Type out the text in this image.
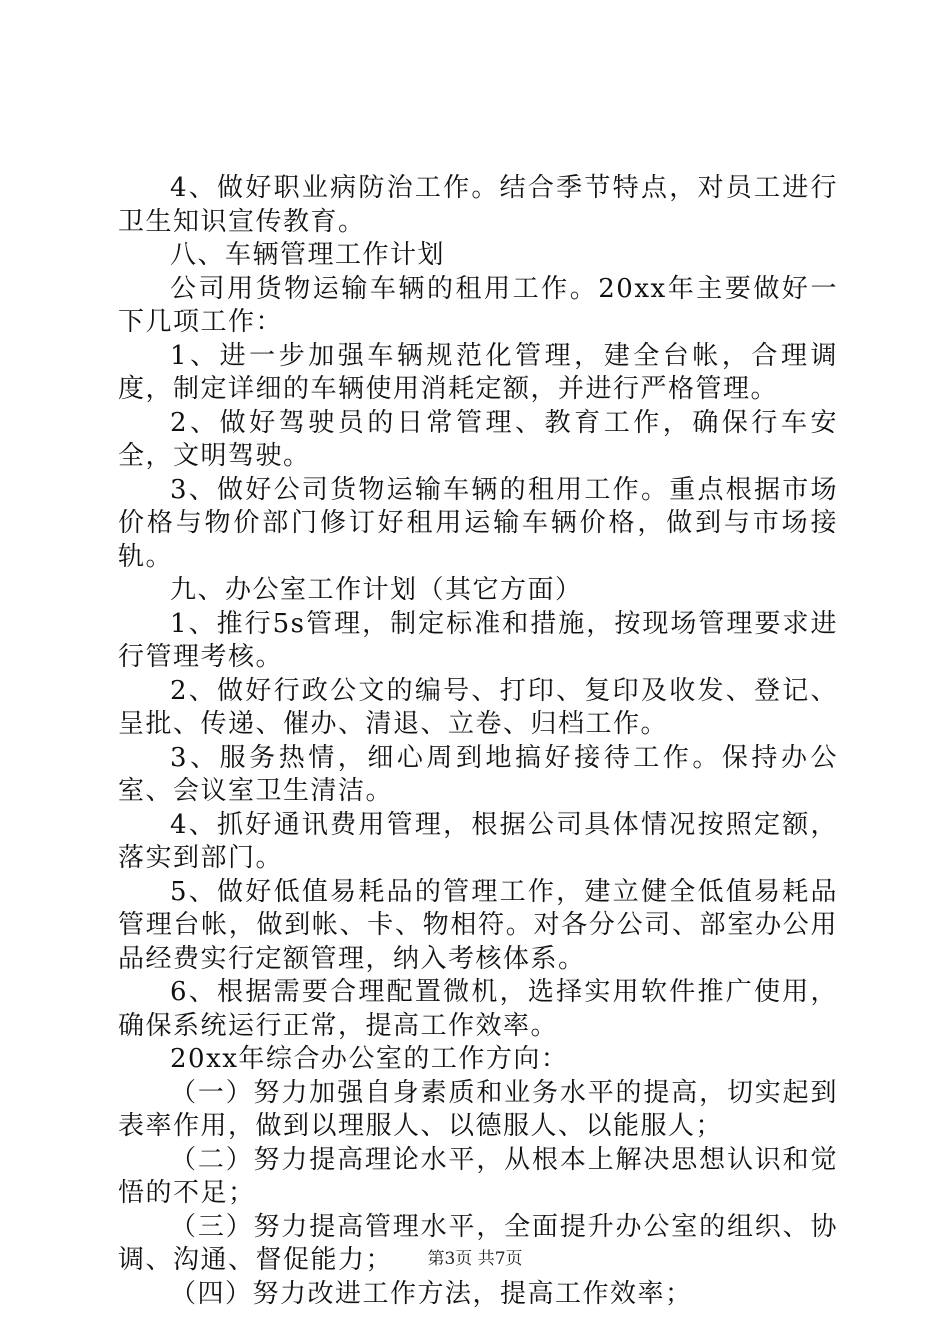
4、做好职业病防治工作。结合季节特点，对员工进行卫生知识宣传教育。

八、车辆管理工作计划

公司用货物运输车辆的租用工作。20xx年主要做好一下几项工作：

1、进一步加强车辆规范化管理，建全台帐，合理调度，制定详细的车辆使用消耗定额，并进行严格管理。

2、做好驾驶员的日常管理、教育工作，确保行车安全，文明驾驶。

3、做好公司货物运输车辆的租用工作。重点根据市场价格与物价部门修订好租用运输车辆价格，做到与市场接轨。

九、办公室工作计划（其它方面）

1、推行5s管理，制定标准和措施，按现场管理要求进行管理考核。

2、做好行政公文的编号、打印、复印及收发、登记、呈批、传递、催办、清退、立卷、归档工作。

3、服务热情，细心周到地搞好接待工作。保持办公室、会议室卫生清洁。

4、抓好通讯费用管理，根据公司具体情况按照定额，落实到部门。

5、做好低值易耗品的管理工作，建立健全低值易耗品管理台帐，做到帐、卡、物相符。对各分公司、部室办公用品经费实行定额管理，纳入考核体系。

6、根据需要合理配置微机，选择实用软件推广使用，确保系统运行正常，提高工作效率。

20xx年综合办公室的工作方向：

（一）努力加强自身素质和业务水平的提高，切实起到表率作用，做到以理服人、以德服人、以能服人；

（二）努力提高理论水平，从根本上解决思想认识和觉悟的不足；

（三）努力提高管理水平，全面提升办公室的组织、协调、沟通、督促能力；

（四）努力改进工作方法，提高工作效率；

第3页 共7页
